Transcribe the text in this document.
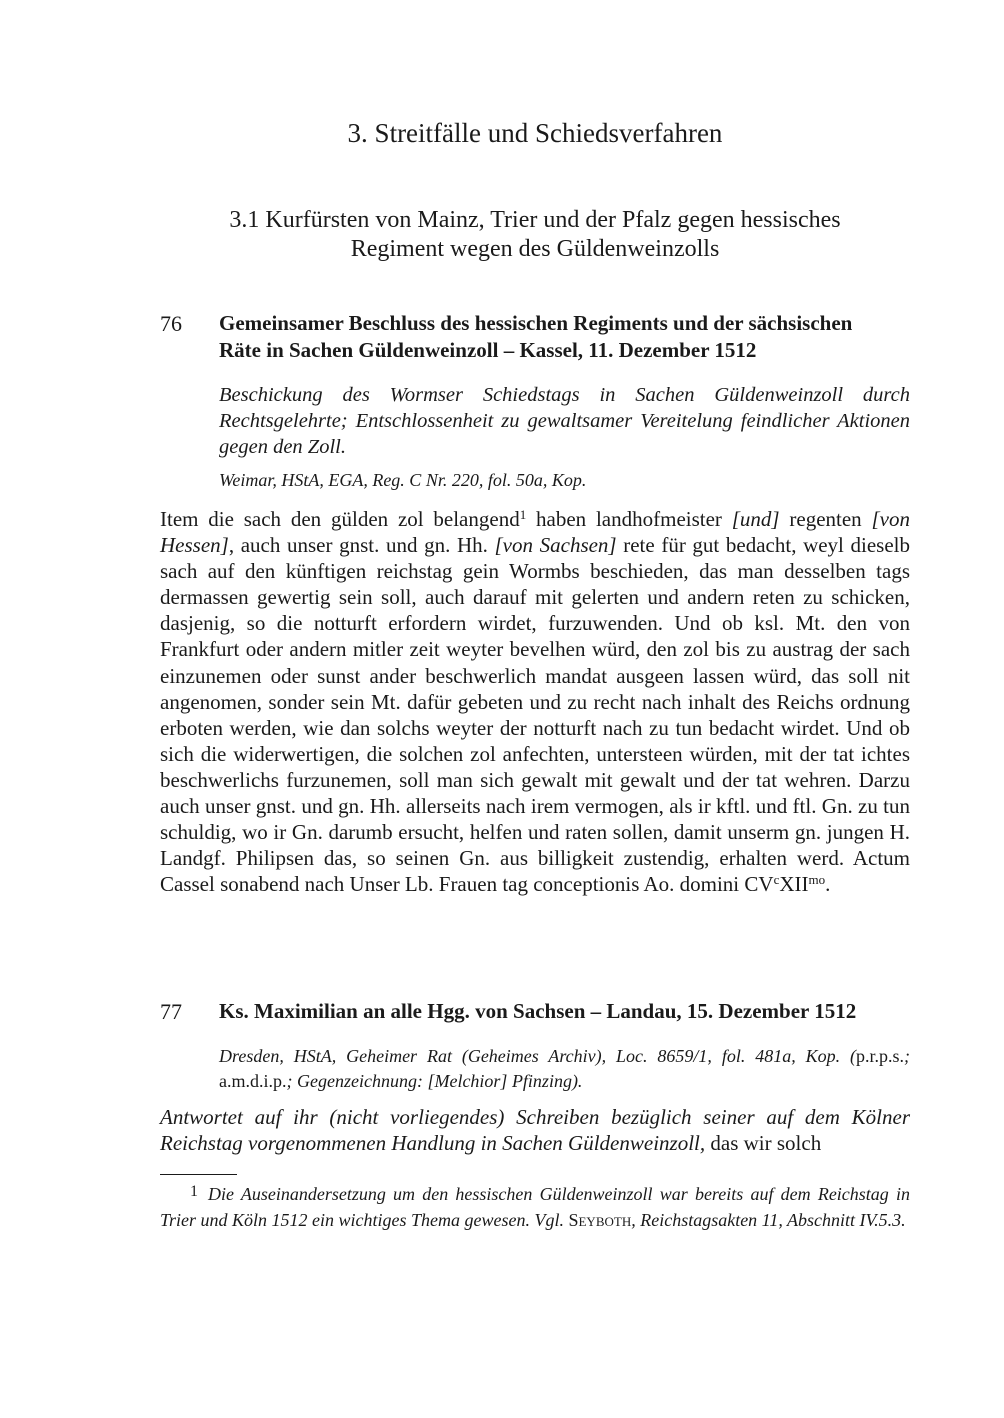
3. Streitfälle und Schiedsverfahren
3.1 Kurfürsten von Mainz, Trier und der Pfalz gegen hessisches
Regiment wegen des Güldenweinzolls
76 Gemeinsamer Beschluss des hessischen Regiments und der sächsischen
Räte in Sachen Güldenweinzoll – Kassel, 11. Dezember 1512
Beschickung des Wormser Schiedstags in Sachen Güldenweinzoll durch Rechtsgelehrte; Entschlossenheit zu gewaltsamer Vereitelung feindlicher Aktionen gegen den Zoll.
Weimar, HStA, EGA, Reg. C Nr. 220, fol. 50a, Kop.
Item die sach den gülden zol belangend$^1$ haben landhofmeister [und] regenten [von Hessen], auch unser gnst. und gn. Hh. [von Sachsen] rete für gut bedacht, weyl dieselb sach auf den künftigen reichstag gein Wormbs beschieden, das man desselben tags dermassen gewertig sein soll, auch darauf mit gelerten und andern reten zu schicken, dasjenig, so die notturft erfordern wirdet, furzuwenden. Und ob ksl. Mt. den von Frankfurt oder andern mitler zeit weyter bevelhen würd, den zol bis zu austrag der sach einzunemen oder sunst ander beschwerlich mandat ausgeen lassen würd, das soll nit angenomen, sonder sein Mt. dafür gebeten und zu recht nach inhalt des Reichs ordnung erboten werden, wie dan solchs weyter der notturft nach zu tun bedacht wirdet. Und ob sich die widerwertigen, die solchen zol anfechten, untersteen würden, mit der tat ichtes beschwerlichs furzunemen, soll man sich gewalt mit gewalt und der tat wehren. Darzu auch unser gnst. und gn. Hh. allerseits nach irem vermogen, als ir kftl. und ftl. Gn. zu tun schuldig, wo ir Gn. darumb ersucht, helfen und raten sollen, damit unserm gn. jungen H. Landgf. Philipsen das, so seinen Gn. aus billigkeit zustendig, erhalten werd. Actum Cassel sonabend nach Unser Lb. Frauen tag conceptionis Ao. domini $CV^cXII^{mo}$.
77 Ks. Maximilian an alle Hgg. von Sachsen – Landau, 15. Dezember 1512
Dresden, HStA, Geheimer Rat (Geheimes Archiv), Loc. 8659/1, fol. 481a, Kop. (p.r.p.s.; a.m.d.i.p.; Gegenzeichnung: [Melchior] Pfinzing).
Antwortet auf ihr (nicht vorliegendes) Schreiben bezüglich seiner auf dem Kölner Reichstag vorgenommenen Handlung in Sachen Güldenweinzoll, das wir solch
1 Die Auseinandersetzung um den hessischen Güldenweinzoll war bereits auf dem Reichstag in Trier und Köln 1512 ein wichtiges Thema gewesen. Vgl. Seyboth, Reichstagsakten 11, Abschnitt IV.5.3.
